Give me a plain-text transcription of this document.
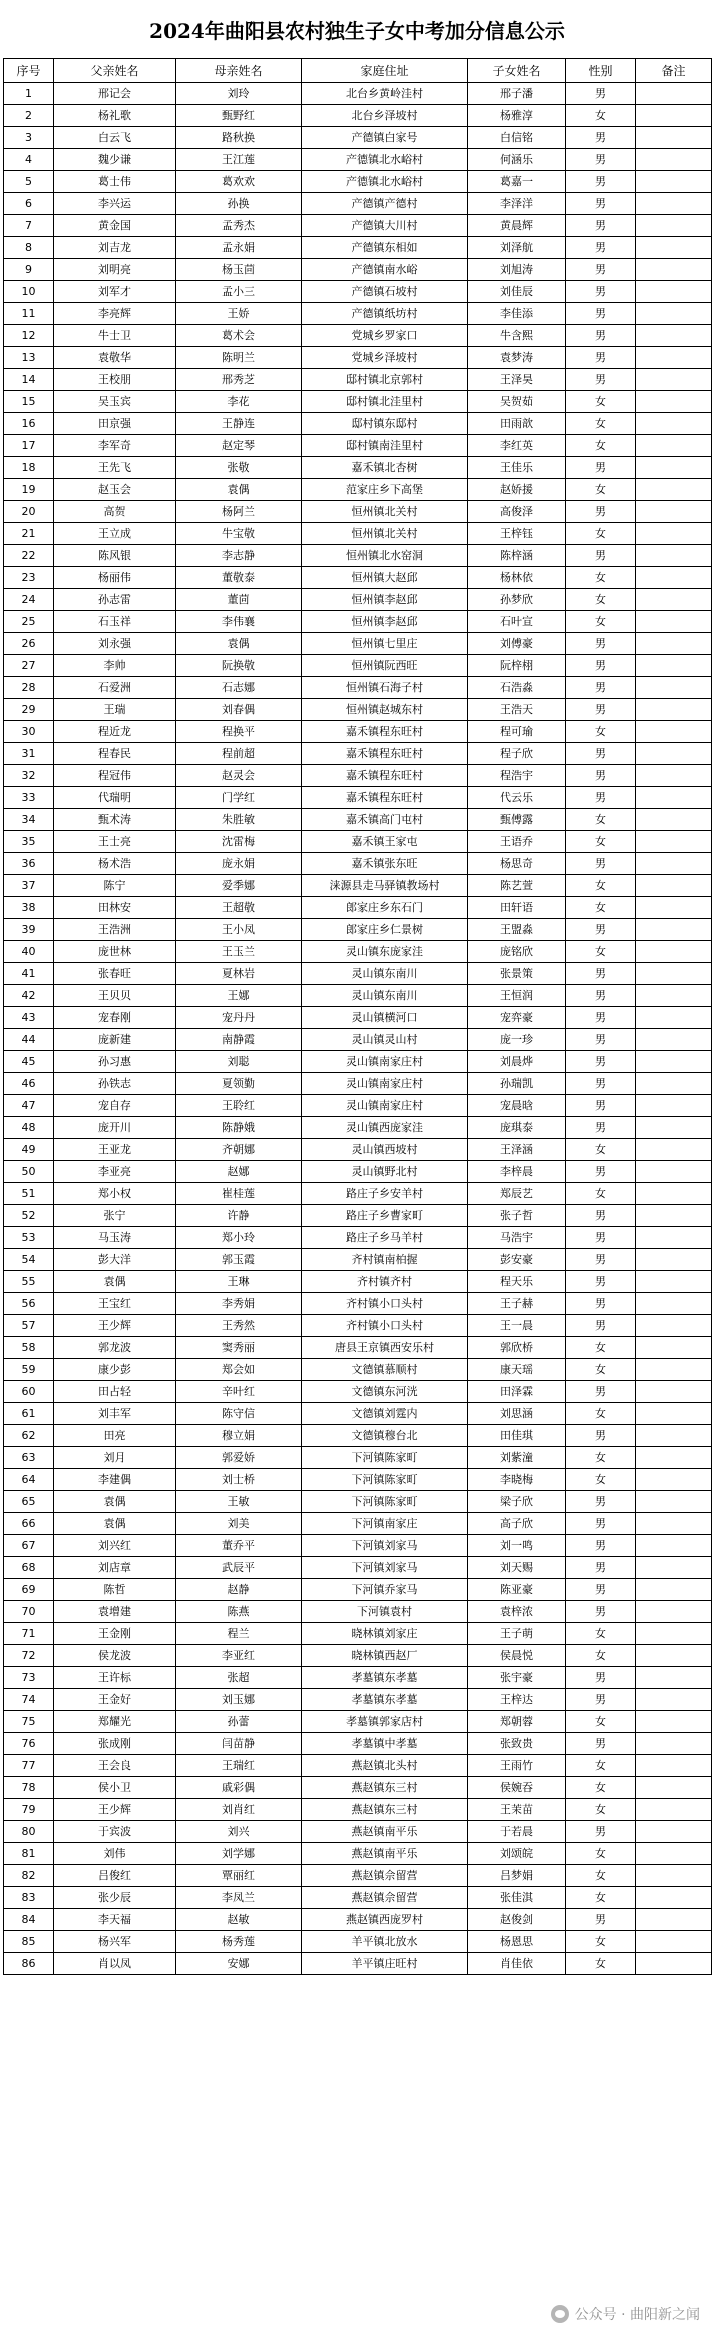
2024年曲阳县农村独生子女中考加分信息公示
序号	父亲姓名	母亲姓名	家庭住址	子女姓名	性别	备注
1	邢记会	刘玲	北台乡黄岭洼村	邢子潘	男	
2	杨礼歌	甄野红	北台乡泽坡村	杨雅淳	女	
3	白云飞	路秋换	产德镇白家号	白信铭	男	
4	魏少谦	王江莲	产德镇北水峪村	何涵乐	男	
5	葛士伟	葛欢欢	产德镇北水峪村	葛嘉一	男	
6	李兴运	孙换	产德镇产德村	李泽洋	男	
7	黄金国	孟秀杰	产德镇大川村	黄晨辉	男	
8	刘吉龙	孟永娟	产德镇东相如	刘泽航	男	
9	刘明亮	杨玉茴	产德镇南水峪	刘旭涛	男	
10	刘军才	孟小三	产德镇石坡村	刘佳辰	男	
11	李亮辉	王娇	产德镇纸坊村	李佳添	男	
12	牛士卫	葛术会	党城乡罗家口	牛含熙	男	
13	袁敬华	陈明兰	党城乡泽坡村	袁梦涛	男	
14	王校朋	邢秀芝	邸村镇北京郭村	王泽昊	男	
15	吴玉宾	李花	邸村镇北洼里村	吴贺茹	女	
16	田京强	王静连	邸村镇东邸村	田雨歆	女	
17	李军奇	赵定琴	邸村镇南洼里村	李红英	女	
18	王先飞	张敬	嘉禾镇北杏树	王佳乐	男	
19	赵玉会	袁偶	范家庄乡下高堡	赵娇援	女	
20	高贺	杨阿兰	恒州镇北关村	高俊泽	男	
21	王立成	牛宝敬	恒州镇北关村	王梓钰	女	
22	陈风银	李志静	恒州镇北水窑洞	陈梓涵	男	
23	杨丽伟	董敬泰	恒州镇大赵邱	杨林依	女	
24	孙志雷	董茴	恒州镇李赵邱	孙梦欣	女	
25	石玉祥	李伟襄	恒州镇李赵邱	石叶宣	女	
26	刘永强	袁偶	恒州镇七里庄	刘傅豪	男	
27	李帅	阮换敬	恒州镇阮西旺	阮梓栩	男	
28	石爱洲	石志娜	恒州镇石海子村	石浩淼	男	
29	王瑞	刘春偶	恒州镇赵城东村	王浩天	男	
30	程近龙	程换平	嘉禾镇程东旺村	程可瑜	女	
31	程春民	程前超	嘉禾镇程东旺村	程子欣	男	
32	程冠伟	赵灵会	嘉禾镇程东旺村	程浩宇	男	
33	代瑞明	门学红	嘉禾镇程东旺村	代云乐	男	
34	甄术涛	朱胜敏	嘉禾镇高门屯村	甄傅露	女	
35	王士亮	沈雷梅	嘉禾镇王家屯	王语乔	女	
36	杨术浩	庞永娟	嘉禾镇张东旺	杨思奇	男	
37	陈宁	爱季娜	涞源县走马驿镇教场村	陈艺萱	女	
38	田林安	王超敬	郎家庄乡东石门	田轩语	女	
39	王浩洲	王小凤	郎家庄乡仁景树	王盟淼	男	
40	庞世林	王玉兰	灵山镇东庞家洼	庞铭欣	女	
41	张春旺	夏林岩	灵山镇东南川	张景策	男	
42	王贝贝	王娜	灵山镇东南川	王恒润	男	
43	宠春刚	宠丹丹	灵山镇横河口	宠弈豪	男	
44	庞新建	南静霞	灵山镇灵山村	庞一珍	男	
45	孙习惠	刘聪	灵山镇南家庄村	刘晨烨	男	
46	孙铁志	夏领勤	灵山镇南家庄村	孙瑞凯	男	
47	宠自存	王聆红	灵山镇南家庄村	宠晨晗	男	
48	庞开川	陈静娥	灵山镇西庞家洼	庞琪泰	男	
49	王亚龙	齐朝娜	灵山镇西坡村	王泽涵	女	
50	李亚亮	赵娜	灵山镇野北村	李梓晨	男	
51	郑小权	崔桂莲	路庄子乡安羊村	郑辰艺	女	
52	张宁	许静	路庄子乡曹家町	张子哲	男	
53	马玉涛	郑小玲	路庄子乡马羊村	马浩宇	男	
54	彭大洋	郭玉霞	齐村镇南柏握	彭安豪	男	
55	袁偶	王琳	齐村镇齐村	程天乐	男	
56	王宝红	李秀娟	齐村镇小口头村	王子赫	男	
57	王少辉	王秀然	齐村镇小口头村	王一晨	男	
58	郭龙波	窦秀丽	唐县王京镇西安乐村	郭欣桥	女	
59	康少彭	郑会如	文德镇慕顺村	康天瑶	女	
60	田占轻	辛叶红	文德镇东河洸	田泽霖	男	
61	刘丰军	陈守信	文德镇刘霆内	刘思涵	女	
62	田亮	穆立娟	文德镇穆台北	田佳琪	男	
63	刘月	郭爱娇	下河镇陈家町	刘紫潼	女	
64	李建偶	刘士桥	下河镇陈家町	李晓梅	女	
65	袁偶	王敏	下河镇陈家町	梁子欣	男	
66	袁偶	刘美	下河镇南家庄	高子欣	男	
67	刘兴红	董乔平	下河镇刘家马	刘一鸣	男	
68	刘店章	武辰平	下河镇刘家马	刘天赐	男	
69	陈哲	赵静	下河镇乔家马	陈亚豪	男	
70	袁增建	陈燕	下河镇袁村	袁梓浓	男	
71	王金刚	程兰	晓林镇刘家庄	王子萌	女	
72	侯龙波	李亚红	晓林镇西赵厂	侯晨悦	女	
73	王许标	张超	孝墓镇东孝墓	张宇豪	男	
74	王金好	刘玉娜	孝墓镇东孝墓	王梓达	男	
75	郑耀光	孙蕾	孝墓镇郭家店村	郑朝蓉	女	
76	张成刚	闫苗静	孝墓镇中孝墓	张致贵	男	
77	王会良	王瑞红	燕赵镇北头村	王雨竹	女	
78	侯小卫	戚彩偶	燕赵镇东三村	侯婉吞	女	
79	王少辉	刘肖红	燕赵镇东三村	王茉苗	女	
80	于宾波	刘兴	燕赵镇南平乐	于若晨	男	
81	刘伟	刘学娜	燕赵镇南平乐	刘颂皖	女	
82	吕俊红	覃丽红	燕赵镇佘留营	吕梦娟	女	
83	张少辰	李凤兰	燕赵镇佘留营	张佳淇	女	
84	李天福	赵敏	燕赵镇西庞罗村	赵俊剑	男	
85	杨兴军	杨秀莲	羊平镇北放水	杨恩思	女	
86	肖以凤	安娜	羊平镇庄旺村	肖佳依	女	
公众号 · 曲阳新之闻
